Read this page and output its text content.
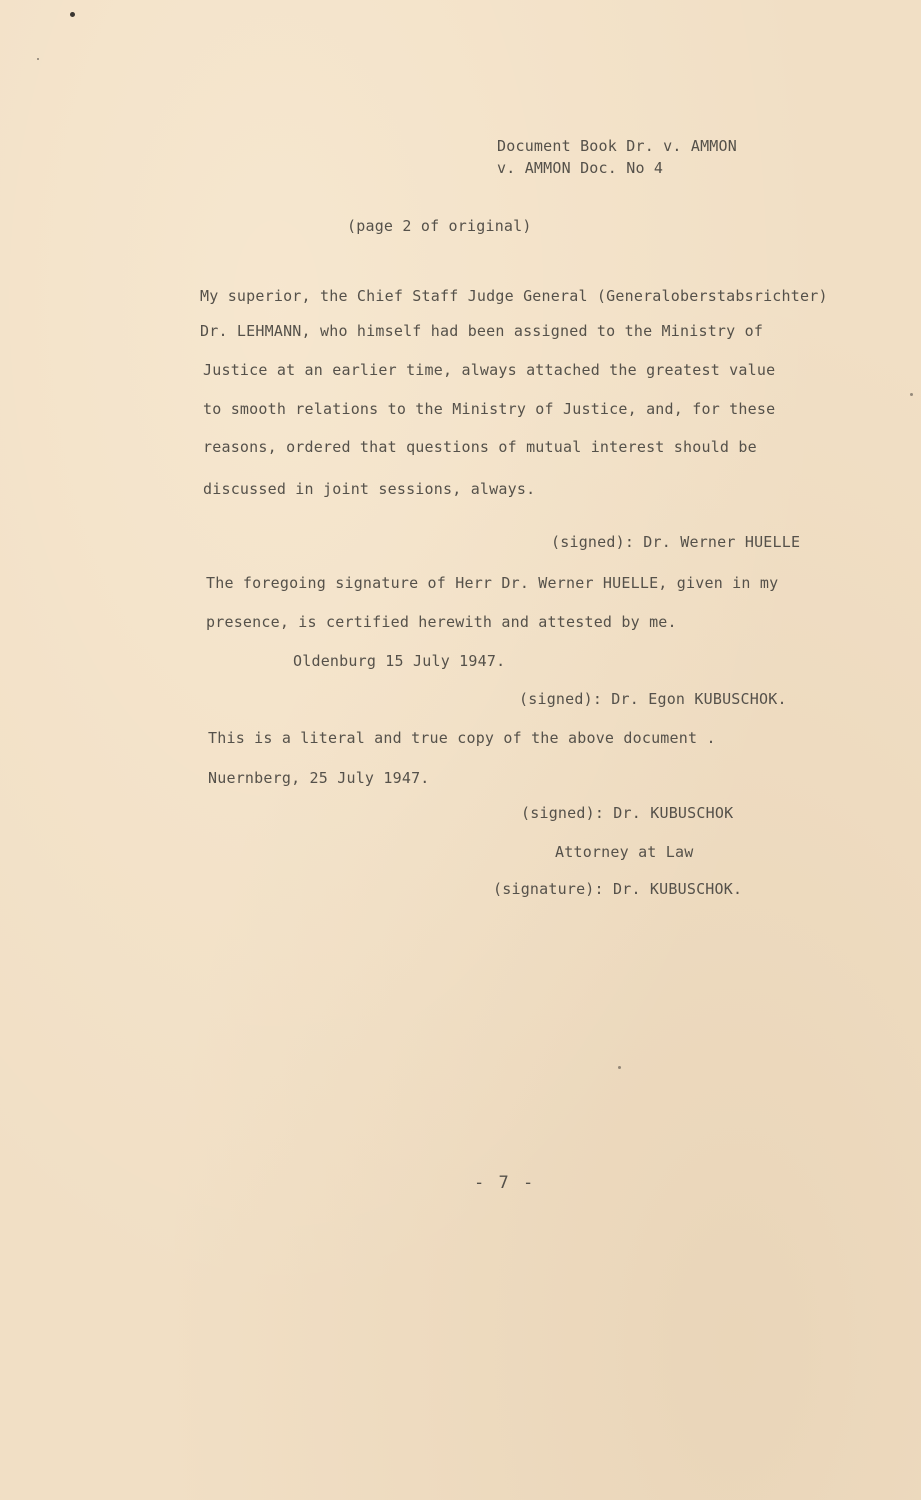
Document Book Dr. v. AMMON
v. AMMON Doc. No 4
(page 2 of original)
My superior, the Chief Staff Judge General (Generaloberstabsrichter)
Dr. LEHMANN, who himself had been assigned to the Ministry of
Justice at an earlier time, always attached the greatest value
to smooth relations to the Ministry of Justice, and, for these
reasons, ordered that questions of mutual interest should be
discussed in joint sessions, always.
(signed): Dr. Werner HUELLE
The foregoing signature of Herr Dr. Werner HUELLE, given in my
presence, is certified herewith and attested by me.
Oldenburg 15 July 1947.
(signed): Dr. Egon KUBUSCHOK.
This is a literal and true copy of the above document .
Nuernberg, 25 July 1947.
(signed): Dr. KUBUSCHOK
Attorney at Law
(signature): Dr. KUBUSCHOK.
- 7 -
